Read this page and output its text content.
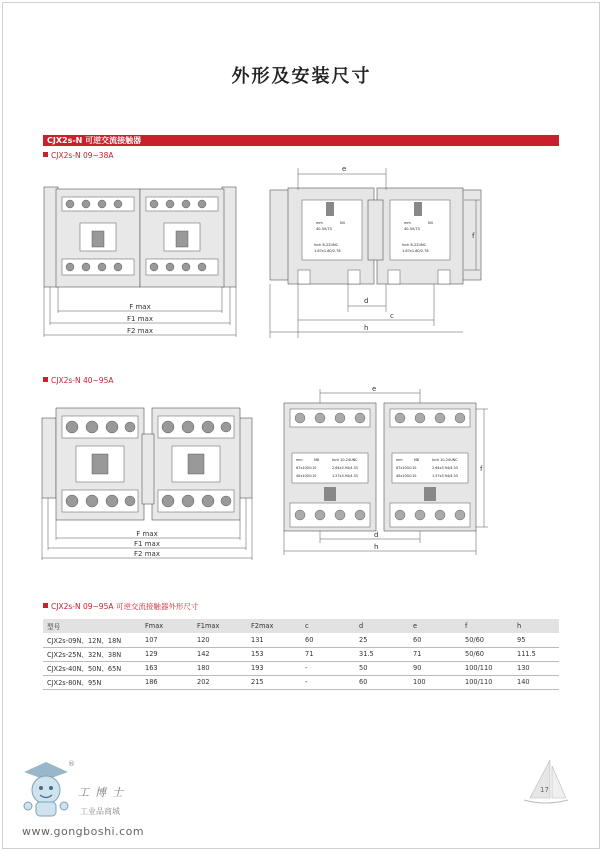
外形及安装尺寸
CJX2s-N 可逆交流接触器
CJX2s-N 09~38A
CJX2s-N 40~95A
CJX2s-N 09~95A 可逆交流接触器外形尺寸
F max
F1 max
F2 max
mm	N4
40-50/70
Inch 8-22UNC
1.67x1.80/2.76
mm	N4
40-50/70
Inch 8-22UNC
1.67x1.80/2.76
e
f
d
c
h
F max
F1 max
F2 max
mm	M8	Inch 10-24UNC
67x100/110	2.64x3.94/4.33
40x100/110	1.57x3.94/4.33
mm	M8	Inch 10-24UNC
67x100/110	2.64x3.94/4.33
40x100/110	1.57x3.94/4.33
e
f
d
h
型号	Fmax	F1max	F2max	c	d	e	f	h
CJX2s-09N、12N、18N	107	120	131	60	25	60	50/60	95
CJX2s-25N、32N、38N	129	142	153	71	31.5	71	50/60	111.5
CJX2s-40N、50N、65N	163	180	193	-	50	90	100/110	130
CJX2s-80N、95N	186	202	215	-	60	100	100/110	140
®
工博士
工业品商城
www.gongboshi.com
17
